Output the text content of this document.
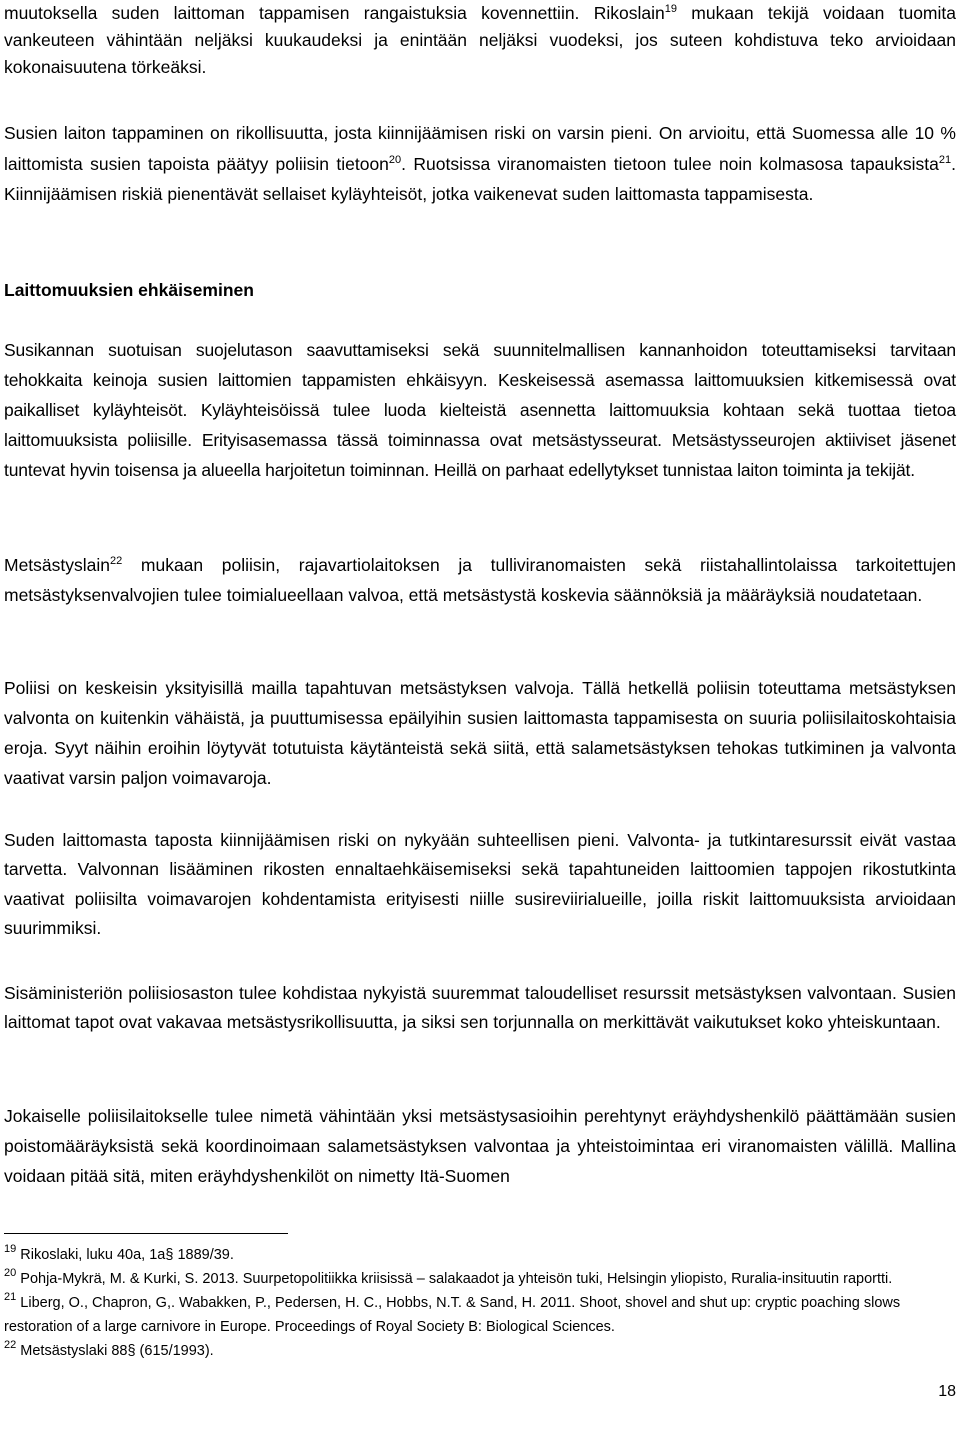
muutoksella suden laittoman tappamisen rangaistuksia kovennettiin. Rikoslain$^{19}$ mukaan tekijä voidaan tuomita vankeuteen vähintään neljäksi kuukaudeksi ja enintään neljäksi vuodeksi, jos suteen kohdistuva teko arvioidaan kokonaisuutena törkeäksi.
Susien laiton tappaminen on rikollisuutta, josta kiinnijäämisen riski on varsin pieni. On arvioitu, että Suomessa alle 10 % laittomista susien tapoista päätyy poliisin tietoon$^{20}$. Ruotsissa viranomaisten tietoon tulee noin kolmasosa tapauksista$^{21}$. Kiinnijäämisen riskiä pienentävät sellaiset kyläyhteisöt, jotka vaikenevat suden laittomasta tappamisesta.
Laittomuuksien ehkäiseminen
Susikannan suotuisan suojelutason saavuttamiseksi sekä suunnitelmallisen kannanhoidon toteuttamiseksi tarvitaan tehokkaita keinoja susien laittomien tappamisten ehkäisyyn. Keskeisessä asemassa laittomuuksien kitkemisessä ovat paikalliset kyläyhteisöt. Kyläyhteisöissä tulee luoda kielteistä asennetta laittomuuksia kohtaan sekä tuottaa tietoa laittomuuksista poliisille. Erityisasemassa tässä toiminnassa ovat metsästysseurat. Metsästysseurojen aktiiviset jäsenet tuntevat hyvin toisensa ja alueella harjoitetun toiminnan. Heillä on parhaat edellytykset tunnistaa laiton toiminta ja tekijät.
Metsästyslain$^{22}$ mukaan poliisin, rajavartiolaitoksen ja tulliviranomaisten sekä riistahallintolaissa tarkoitettujen metsästyksenvalvojien tulee toimialueellaan valvoa, että metsästystä koskevia säännöksiä ja määräyksiä noudatetaan.
Poliisi on keskeisin yksityisillä mailla tapahtuvan metsästyksen valvoja. Tällä hetkellä poliisin toteuttama metsästyksen valvonta on kuitenkin vähäistä, ja puuttumisessa epäilyihin susien laittomasta tappamisesta on suuria poliisilaitoskohtaisia eroja. Syyt näihin eroihin löytyvät totutuista käytänteistä sekä siitä, että salametsästyksen tehokas tutkiminen ja valvonta vaativat varsin paljon voimavaroja.
Suden laittomasta taposta kiinnijäämisen riski on nykyään suhteellisen pieni. Valvonta- ja tutkintaresurssit eivät vastaa tarvetta. Valvonnan lisääminen rikosten ennaltaehkäisemiseksi sekä tapahtuneiden laittoomien tappojen rikostutkinta vaativat poliisilta voimavarojen kohdentamista erityisesti niille susireviirialueille, joilla riskit laittomuuksista arvioidaan suurimmiksi.
Sisäministeriön poliisiosaston tulee kohdistaa nykyistä suuremmat taloudelliset resurssit metsästyksen valvontaan. Susien laittomat tapot ovat vakavaa metsästysrikollisuutta, ja siksi sen torjunnalla on merkittävät vaikutukset koko yhteiskuntaan.
Jokaiselle poliisilaitokselle tulee nimetä vähintään yksi metsästysasioihin perehtynyt eräyhdyshenkilö päättämään susien poistomääräyksistä sekä koordinoimaan salametsästyksen valvontaa ja yhteistoimintaa eri viranomaisten välillä. Mallina voidaan pitää sitä, miten eräyhdyshenkilöt on nimetty Itä-Suomen
$^{19}$ Rikoslaki, luku 40a, 1a§ 1889/39.
$^{20}$ Pohja-Mykrä, M. & Kurki, S. 2013. Suurpetopolitiikka kriisissä – salakaadot ja yhteisön tuki, Helsingin yliopisto, Ruralia-insituutin raportti.
$^{21}$ Liberg, O., Chapron, G,. Wabakken, P., Pedersen, H. C., Hobbs, N.T. & Sand, H. 2011. Shoot, shovel and shut up: cryptic poaching slows restoration of a large carnivore in Europe. Proceedings of Royal Society B: Biological Sciences.
$^{22}$ Metsästyslaki 88§ (615/1993).
18
